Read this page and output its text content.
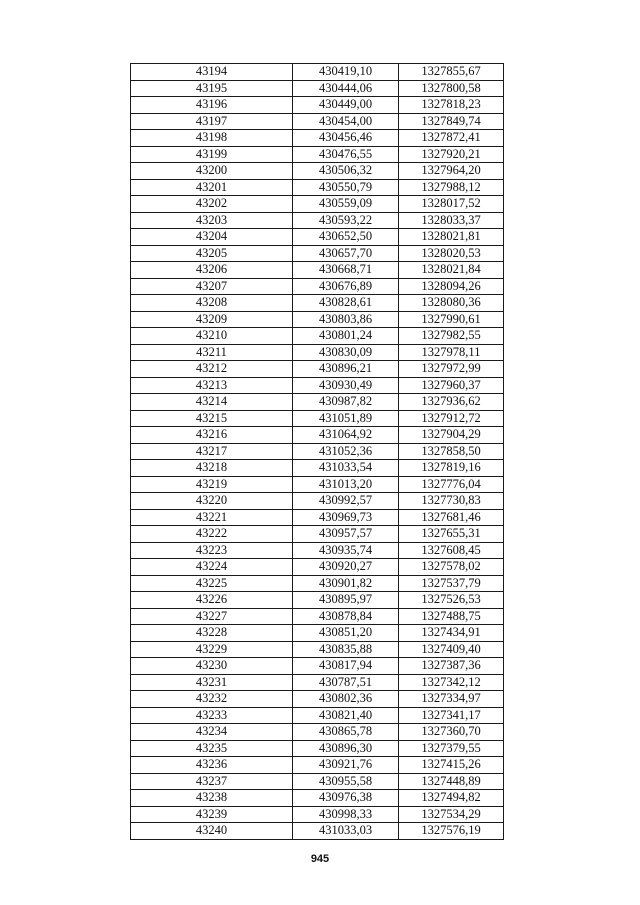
43194	430419,10	1327855,67
43195	430444,06	1327800,58
43196	430449,00	1327818,23
43197	430454,00	1327849,74
43198	430456,46	1327872,41
43199	430476,55	1327920,21
43200	430506,32	1327964,20
43201	430550,79	1327988,12
43202	430559,09	1328017,52
43203	430593,22	1328033,37
43204	430652,50	1328021,81
43205	430657,70	1328020,53
43206	430668,71	1328021,84
43207	430676,89	1328094,26
43208	430828,61	1328080,36
43209	430803,86	1327990,61
43210	430801,24	1327982,55
43211	430830,09	1327978,11
43212	430896,21	1327972,99
43213	430930,49	1327960,37
43214	430987,82	1327936,62
43215	431051,89	1327912,72
43216	431064,92	1327904,29
43217	431052,36	1327858,50
43218	431033,54	1327819,16
43219	431013,20	1327776,04
43220	430992,57	1327730,83
43221	430969,73	1327681,46
43222	430957,57	1327655,31
43223	430935,74	1327608,45
43224	430920,27	1327578,02
43225	430901,82	1327537,79
43226	430895,97	1327526,53
43227	430878,84	1327488,75
43228	430851,20	1327434,91
43229	430835,88	1327409,40
43230	430817,94	1327387,36
43231	430787,51	1327342,12
43232	430802,36	1327334,97
43233	430821,40	1327341,17
43234	430865,78	1327360,70
43235	430896,30	1327379,55
43236	430921,76	1327415,26
43237	430955,58	1327448,89
43238	430976,38	1327494,82
43239	430998,33	1327534,29
43240	431033,03	1327576,19
945
